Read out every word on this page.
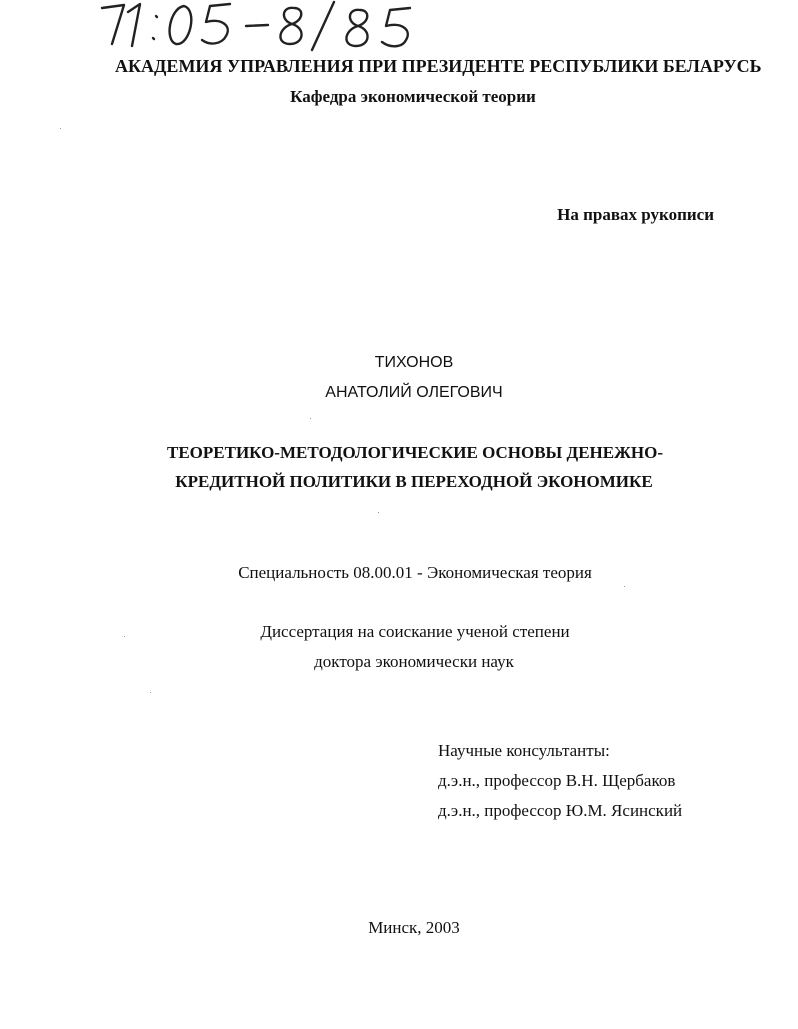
АКАДЕМИЯ УПРАВЛЕНИЯ ПРИ ПРЕЗИДЕНТЕ РЕСПУБЛИКИ БЕЛАРУСЬ
Кафедра экономической теории
На правах рукописи
ТИХОНОВ
АНАТОЛИЙ ОЛЕГОВИЧ
ТЕОРЕТИКО-МЕТОДОЛОГИЧЕСКИЕ ОСНОВЫ ДЕНЕЖНО-
КРЕДИТНОЙ ПОЛИТИКИ В ПЕРЕХОДНОЙ ЭКОНОМИКЕ
Специальность 08.00.01 - Экономическая теория
Диссертация на соискание ученой степени
доктора экономически наук
Научные консультанты:
д.э.н., профессор В.Н. Щербаков
д.э.н., профессор Ю.М. Ясинский
Минск, 2003
